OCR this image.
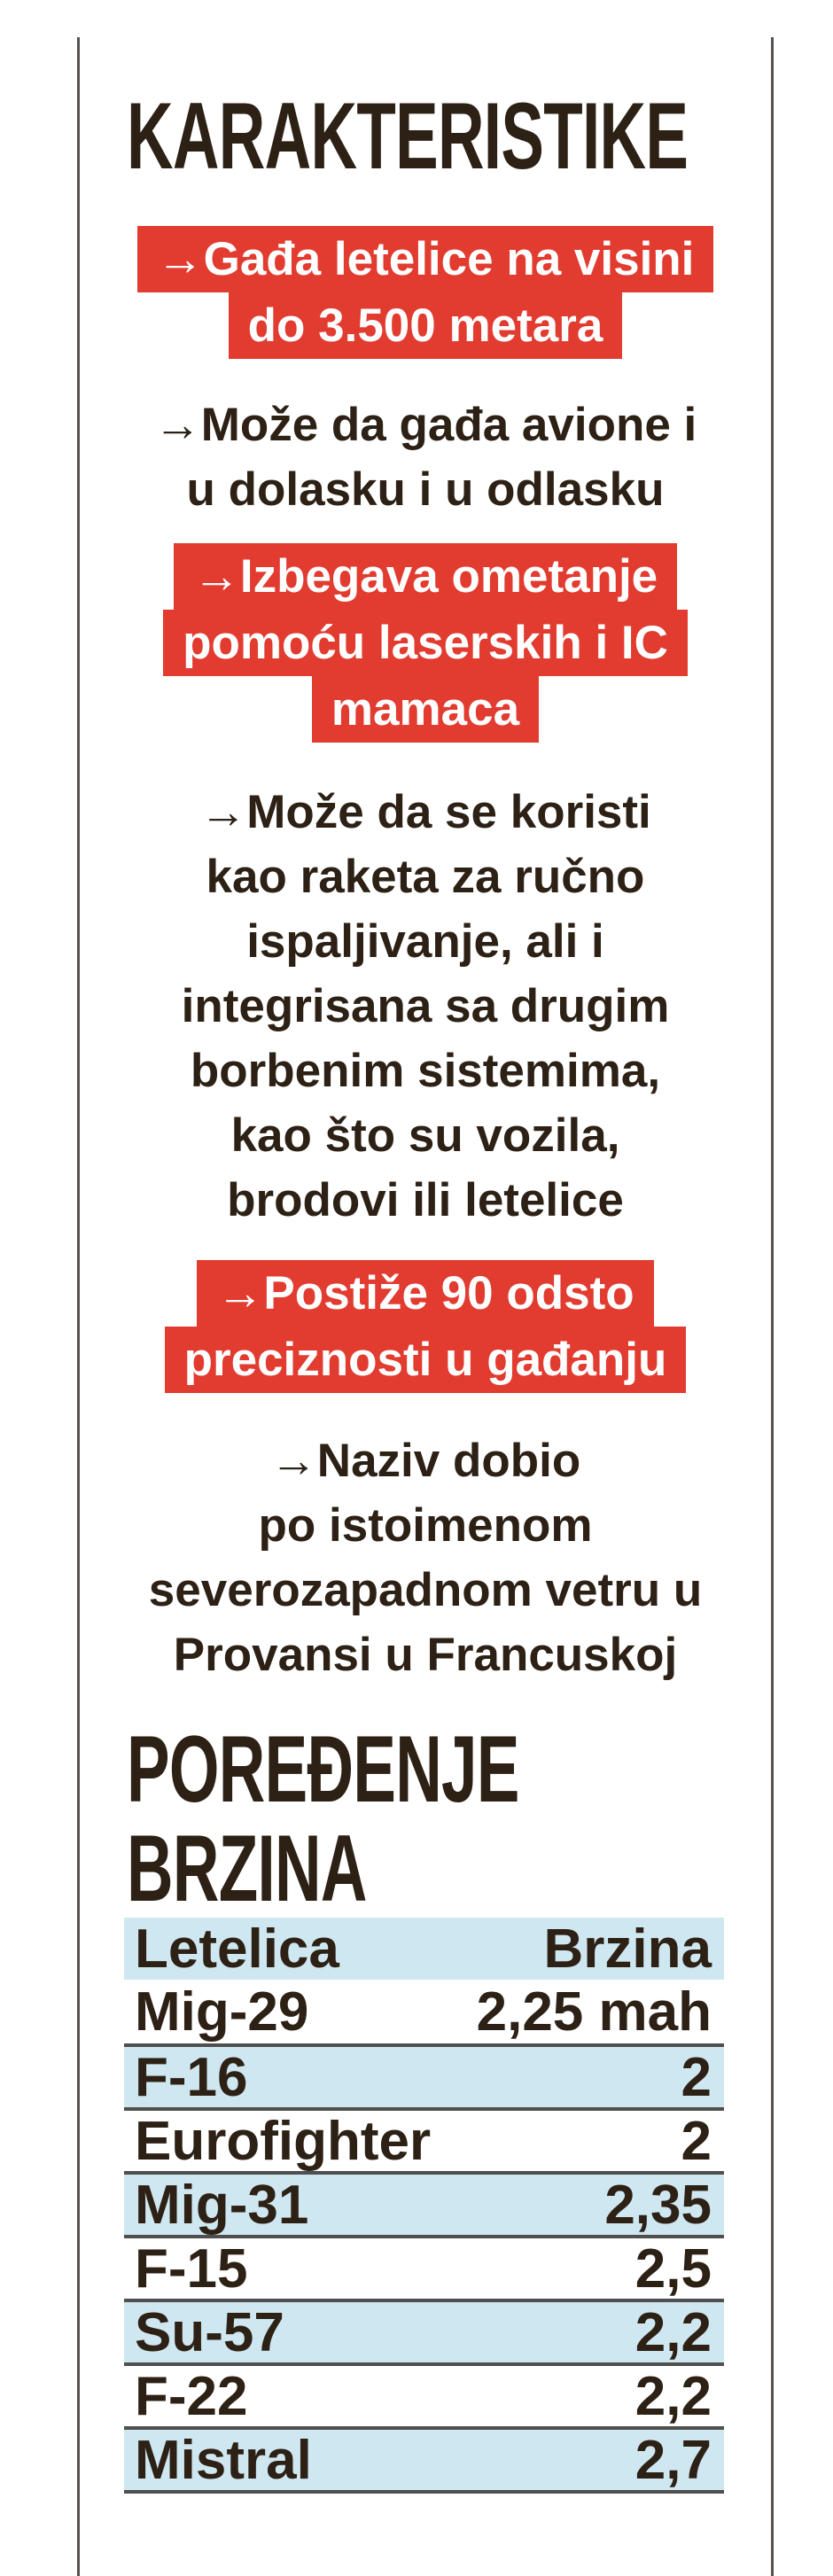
KARAKTERISTIKE
→Gađa letelice na visini
do 3.500 metara
→Može da gađa avione i
u dolasku i u odlasku
→Izbegava ometanje
pomoću laserskih i IC
mamaca
→Može da se koristi
kao raketa za ručno
ispaljivanje, ali i
integrisana sa drugim
borbenim sistemima,
kao što su vozila,
brodovi ili letelice
→Postiže 90 odsto
preciznosti u gađanju
→Naziv dobio
po istoimenom
severozapadnom vetru u
Provansi u Francuskoj
POREĐENJE
BRZINA
Letelica	Brzina
Mig-29	2,25 mah
F-16	2
Eurofighter	2
Mig-31	2,35
F-15	2,5
Su-57	2,2
F-22	2,2
Mistral	2,7
